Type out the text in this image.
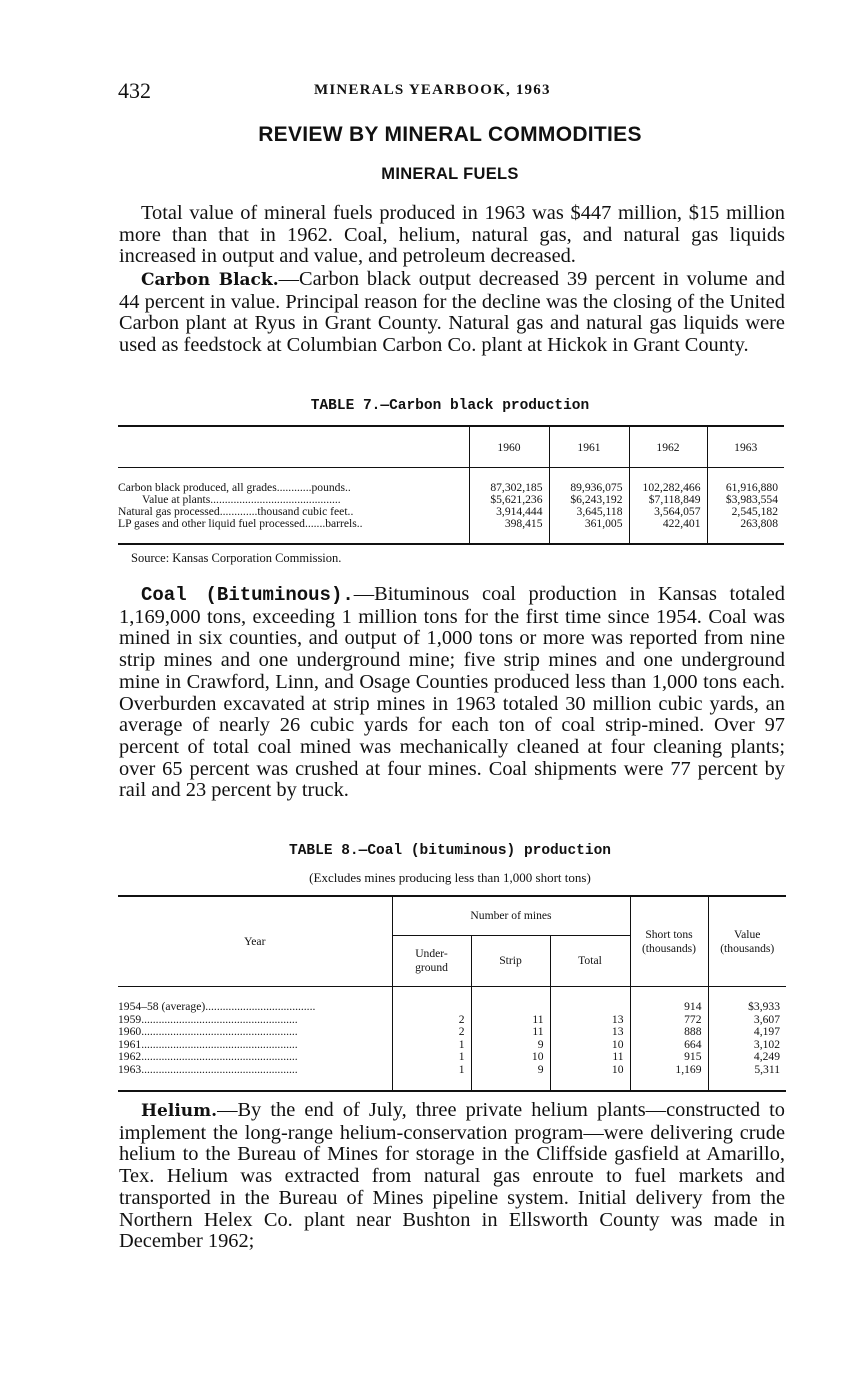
432	MINERALS YEARBOOK, 1963
REVIEW BY MINERAL COMMODITIES
MINERAL FUELS

Total value of mineral fuels produced in 1963 was $447 million, $15 million more than that in 1962. Coal, helium, natural gas, and natural gas liquids increased in output and value, and petroleum decreased.

Carbon Black.—Carbon black output decreased 39 percent in volume and 44 percent in value. Principal reason for the decline was the closing of the United Carbon plant at Ryus in Grant County. Natural gas and natural gas liquids were used as feedstock at Columbian Carbon Co. plant at Hickok in Grant County.

TABLE 7.—Carbon black production
	1960	1961	1962	1963
Carbon black produced, all grades............pounds..	87,302,185	89,936,075	102,282,466	61,916,880
Value at plants.............................................	$5,621,236	$6,243,192	$7,118,849	$3,983,554
Natural gas processed.............thousand cubic feet..	3,914,444	3,645,118	3,564,057	2,545,182
LP gases and other liquid fuel processed.......barrels..	398,415	361,005	422,401	263,808
Source: Kansas Corporation Commission.

Coal (Bituminous).—Bituminous coal production in Kansas totaled 1,169,000 tons, exceeding 1 million tons for the first time since 1954. Coal was mined in six counties, and output of 1,000 tons or more was reported from nine strip mines and one underground mine; five strip mines and one underground mine in Crawford, Linn, and Osage Counties produced less than 1,000 tons each. Overburden excavated at strip mines in 1963 totaled 30 million cubic yards, an average of nearly 26 cubic yards for each ton of coal strip-mined. Over 97 percent of total coal mined was mechanically cleaned at four cleaning plants; over 65 percent was crushed at four mines. Coal shipments were 77 percent by rail and 23 percent by truck.

TABLE 8.—Coal (bituminous) production
(Excludes mines producing less than 1,000 short tons)
Year	Number of mines			Short tons (thousands)	Value (thousands)
	Under-ground	Strip	Total		
1954–58 (average)......................................				914	$3,933
1959......................................................	2	11	13	772	3,607
1960......................................................	2	11	13	888	4,197
1961......................................................	1	9	10	664	3,102
1962......................................................	1	10	11	915	4,249
1963......................................................	1	9	10	1,169	5,311

Helium.—By the end of July, three private helium plants—constructed to implement the long-range helium-conservation program—were delivering crude helium to the Bureau of Mines for storage in the Cliffside gasfield at Amarillo, Tex. Helium was extracted from natural gas enroute to fuel markets and transported in the Bureau of Mines pipeline system. Initial delivery from the Northern Helex Co. plant near Bushton in Ellsworth County was made in December 1962;
